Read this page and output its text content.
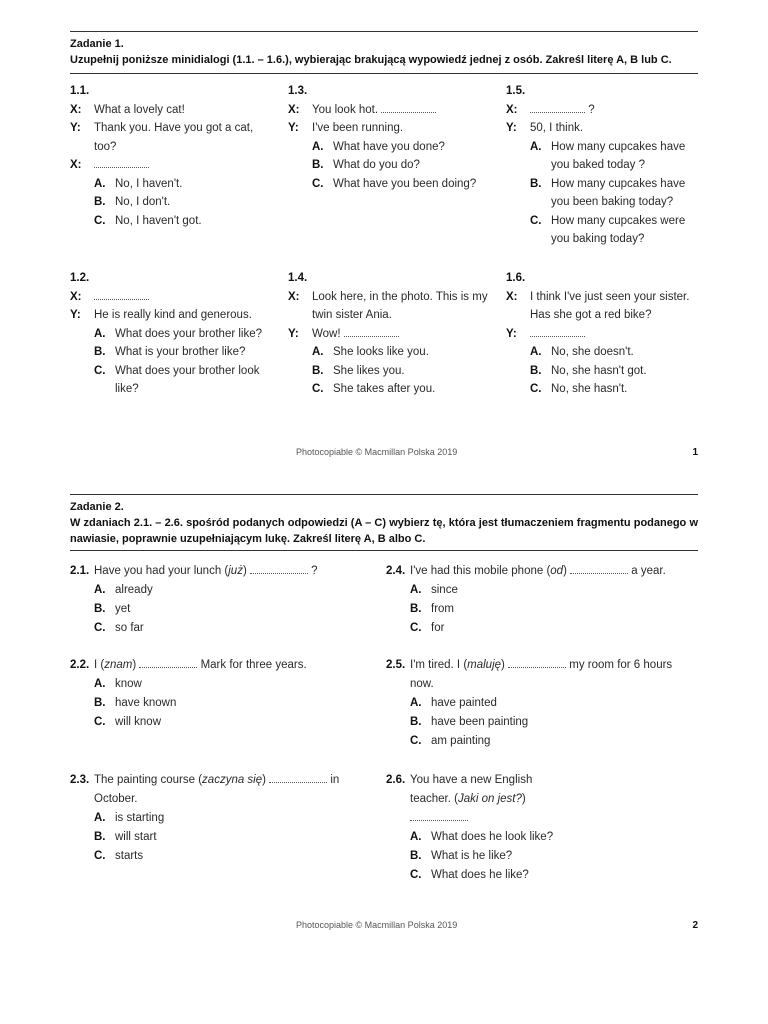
Zadanie 1.
Uzupełnij poniższe minidialogi (1.1. – 1.6.), wybierając brakującą wypowiedź jednej z osób. Zakreśl literę A, B lub C.
1.1.
X:	What a lovely cat!
Y:	Thank you. Have you got a cat, too?
X:
A. No, I haven't.
B. No, I don't.
C. No, I haven't got.
1.3.
X:	You look hot.
Y:	I've been running.
A. What have you done?
B. What do you do?
C. What have you been doing?
1.5.
X:	?
Y:	50, I think.
A. How many cupcakes have you baked today ?
B. How many cupcakes have you been baking today?
C. How many cupcakes were you baking today?
1.2.
X:
Y:	He is really kind and generous.
A. What does your brother like?
B. What is your brother like?
C. What does your brother look like?
1.4.
X:	Look here, in the photo. This is my twin sister Ania.
Y:	Wow!
A. She looks like you.
B. She likes you.
C. She takes after you.
1.6.
X:	I think I've just seen your sister. Has she got a red bike?
Y:
A. No, she doesn't.
B. No, she hasn't got.
C. No, she hasn't.
Photocopiable © Macmillan Polska 2019	1
Zadanie 2.
W zdaniach 2.1. – 2.6. spośród podanych odpowiedzi (A – C) wybierz tę, która jest tłumaczeniem fragmentu podanego w nawiasie, poprawnie uzupełniającym lukę. Zakreśl literę A, B albo C.
2.1. Have you had your lunch (już)	?
A. already
B. yet
C. so far
2.4. I've had this mobile phone (od)	a year.
A. since
B. from
C. for
2.2. I (znam)	Mark for three years.
A. know
B. have known
C. will know
2.5. I'm tired. I (maluję)	my room for 6 hours now.
A. have painted
B. have been painting
C. am painting
2.3. The painting course (zaczyna się)	in October.
A. is starting
B. will start
C. starts
2.6. You have a new English teacher. (Jaki on jest?)
A. What does he look like?
B. What is he like?
C. What does he like?
Photocopiable © Macmillan Polska 2019	2
